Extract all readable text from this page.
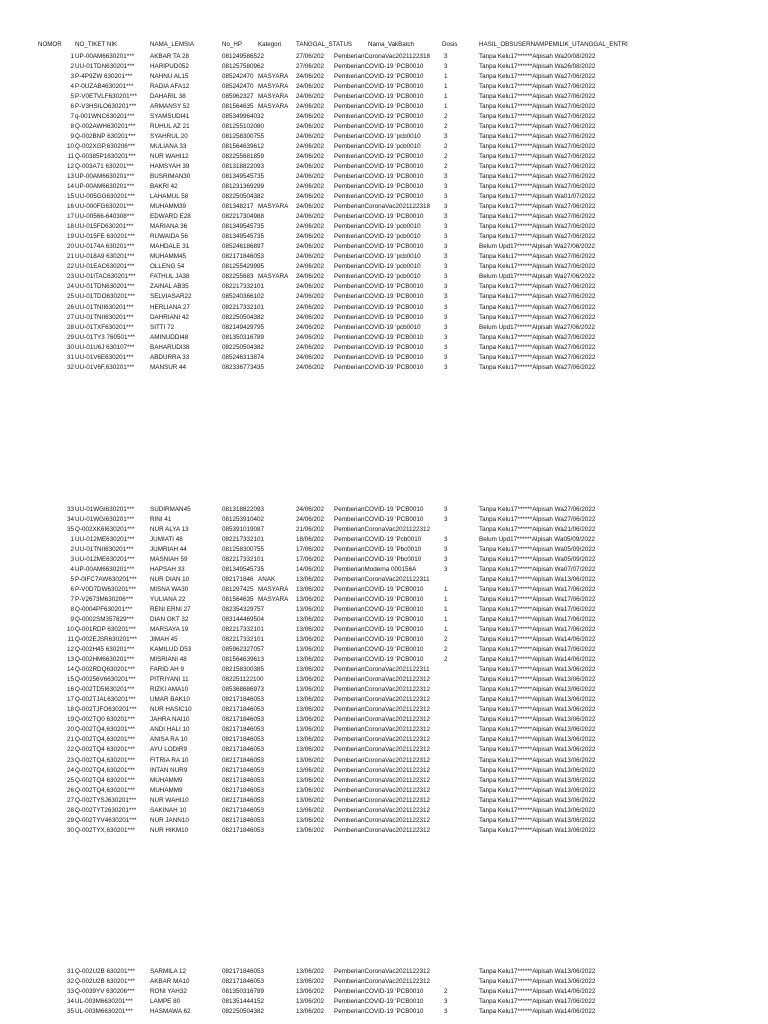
NOMOR	NO_TIKET NIK	NAMA_LEMSIA	No_HP	Kategori	TANGGAL_STATUS	Nama_VakBatch	Dosis	HASIL_OBSUSERNAMPEMILIK_UTANGGAL_ENTRI
1 UP-00AM6630201***	AKBAR TA 28	081249586522	27/06/202	PemberianCoronaVac2021122318	3	Tanpa Kelu17******Alpisah Wa20/08/2022
2 UU-01TDN630201***	HARIPUD052	081257580962	27/06/202	PemberianCOVID-19 'PCB0010	3	Tanpa Kelu17******Alpisah Wa26/08/2022
3 P-4P9ZW 630201***	NAHNU AL15	085242470 MASYARA	24/06/202	PemberianCOVID-19 'PCB0010	1	Tanpa Kelu17******Alpisah Wa27/06/2022
4 P-0UZAB4630201***	RADIA AFA12	085242470 MASYARA	24/06/202	PemberianCOVID-19 'PCB0010	1	Tanpa Kelu17******Alpisah Wa27/06/2022
5 P-V0ETVLF630201***	DAHARIL 38	085962327 MASYARA	24/06/202	PemberianCOVID-19 'PCB0010	1	Tanpa Kelu17******Alpisah Wa27/06/2022
6 P-V3HSILO630201***	ARMANSY 52	081564635 MASYARA	24/06/202	PemberianCOVID-19 'PCB0010	1	Tanpa Kelu17******Alpisah Wa27/06/2022
7 q-001WNC630201***	SYAMSUDI41	085349964032	24/06/202	PemberianCOVID-19 'PCB0010	2	Tanpa Kelu17******Alpisah Wa27/06/2022
8 Q-002AWH630201***	RUHUL AZ 21	081255102080	24/06/202	PemberianCOVID-19 'PCB0010	2	Tanpa Kelu17******Alpisah Wa27/06/2022
9 Q-002BNP 630201***	SYAHRUL 20	081258300755	24/06/202	PemberianCOVID-19 'pcb0010	3	Tanpa Kelu17******Alpisah Wa27/06/2022
10 Q-002XGP,630206***	MULIANA 33	081564639612	24/06/202	PemberianCOVID-19 'pcb0010	2	Tanpa Kelu17******Alpisah Wa27/06/2022
11 Q-00385P1630201***	NUR WAHI12	082255681859	24/06/202	PemberianCOVID-19 'PCB0010	2	Tanpa Kelu17******Alpisah Wa27/06/2022
12 Q-003A71 630201***	HAMSYAH 39	081318822093	24/06/202	PemberianCOVID-19 'PCB0010	2	Tanpa Kelu17******Alpisah Wa27/06/2022
13 UP-00AM6630201***	BUSRIMAN30	081349545735	24/06/202	PemberianCOVID-19 'PCB0010	3	Tanpa Kelu17******Alpisah Wa27/06/2022
14 UP-00AM6630201***	BAKRI 42	081231369299	24/06/202	PemberianCOVID-19 'PCB0010	3	Tanpa Kelu17******Alpisah Wa27/06/2022
15 UU-005GG630201***	LAHAMUL 58	082250504382	24/06/202	PemberianCOVID-19 'PCB0010	3	Tanpa Kelu17******Alpisah Wa01/07/2022
16 UU-000FG630201***	MUHAMM39	081348217 MASYARA	24/06/202	PemberianCoronaVac2021122318	3	Tanpa Kelu17******Alpisah Wa27/06/2022
17 UU-00566-640308***	EDWARD E28	082217304988	24/06/202	PemberianCOVID-19 'PCB0010	3	Tanpa Kelu17******Alpisah Wa27/06/2022
18 UU-015FD630201***	MARIANA 36	081349545735	24/06/202	PemberianCOVID-19 'pcb0010	3	Tanpa Kelu17******Alpisah Wa27/06/2022
19 UU-015FE 630201***	RUWAIDA 56	081349545735	24/06/202	PemberianCOVID-19 'pcb0010	3	Tanpa Kelu17******Alpisah Wa27/06/2022
20 UU-0174A 630201***	MAHDALE 31	085246186897	24/06/202	PemberianCOVID-19 'PCB0010	3	Belum Upd17******Alpisah Wa27/06/2022
21 UU-018A9 630201***	MUHAMM45	082171846053	24/06/202	PemberianCOVID-19 'pcb0010	3	Tanpa Kelu17******Alpisah Wa27/06/2022
22 UU-01EAC630201***	OLLENG 54	081255429995	24/06/202	PemberianCOVID-19 'pcb0010	3	Tanpa Kelu17******Alpisah Wa27/06/2022
23 UU-01ITAC630201***	FATHUL JA38	082255683 MASYARA	24/06/202	PemberianCOVID-19 'pcb0010	3	Belum Upd17******Alpisah Wa27/06/2022
24 UU-01TDN630201***	ZAINAL AB35	082217332101	24/06/202	PemberianCOVID-19 'PCB0010	3	Tanpa Kelu17******Alpisah Wa27/06/2022
25 UU-01TDO630201***	SELVIASAR22	085240366102	24/06/202	PemberianCOVID-19 'PCB0010	3	Tanpa Kelu17******Alpisah Wa27/06/2022
26 UU-01TNII630201***	HERLIANA 27	082217332101	24/06/202	PemberianCOVID-19 'PCB0010	3	Tanpa Kelu17******Alpisah Wa27/06/2022
27 UU-01TNII630201***	DAHRIANI 42	082250504382	24/06/202	PemberianCOVID-19 'PCB0010	3	Tanpa Kelu17******Alpisah Wa27/06/2022
28 UU-01TXF630201***	SITTI 72	082149429795	24/06/202	PemberianCOVID-19 'pcb0010	3	Belum Upd17******Alpisah Wa27/06/2022
29 UU-01TY3 760501***	AMINUDDI48	081350316789	24/06/202	PemberianCOVID-19 'PCB0010	3	Tanpa Kelu17******Alpisah Wa27/06/2022
30 UU-01U6J 630107***	BAHARUDI38	082250504382	24/06/202	PemberianCOVID-19 'PCB0010	3	Tanpa Kelu17******Alpisah Wa27/06/2022
31 UU-01V6E630201***	ABDURRA 33	085246313874	24/06/202	PemberianCOVID-19 'PCB0010	3	Tanpa Kelu17******Alpisah Wa27/06/2022
32 UU-01V6F,630201***	MANSUR 44	082336773435	24/06/202	PemberianCOVID-19 'PCB0010	3	Tanpa Kelu17******Alpisah Wa27/06/2022
33 UU-01WGI630201***	SUDIRMAN45	081318822093	24/06/202	PemberianCOVID-19 'PCB0010	3	Tanpa Kelu17******Alpisah Wa27/06/2022
34 UU-01WGI630201***	RINI 41	081253910402	24/06/202	PemberianCOVID-19 'PCB0010	3	Tanpa Kelu17******Alpisah Wa27/06/2022
35 Q-002XK6I630201***	NUR ALYA 13	085391019087	21/06/202	PemberianCoronaVac2021122312	Tanpa Kelu17******Alpisah Wa21/06/2022
1 UU-012ME630201***	JUMIATI 48	082217332101	18/06/202	PemberianCOVID-19 'Pcb0010	3	Belum Upd17******Alpisah Wa05/09/2022
2 UU-01TNII630201***	JUMRIAH 44	081258300755	17/06/202	PemberianCOVID-19 'Pbc0010	3	Tanpa Kelu17******Alpisah Wa05/09/2022
3 UU-012ME630201***	MASNIAH 59	082217332101	17/06/202	PemberianCOVID-19 'Pbc0010	3	Tanpa Kelu17******Alpisah Wa05/09/2022
4 UP-00AM6630201***	HAPSAH 33	081349545735	14/06/202	PemberianModerna 000156A	3	Tanpa Kelu17******Alpisah Wa07/07/2022
5 P-0IFC7AW630201***	NUR DIAN 10	082171846 ANAK	13/06/202	PemberianCoronaVac2021122311	Tanpa Kelu17******Alpisah Wa13/06/2022
6 P-V0D7DW630201***	MISNA WA30	081297425 MASYARA	13/06/202	PemberianCOVID-19 'PCB0010	1	Tanpa Kelu17******Alpisah Wa17/06/2022
7 P-V2673M630206***	YULIANA 22	081564635 MASYARA	13/06/202	PemberianCOVID-19 'PCB0010	1	Tanpa Kelu17******Alpisah Wa17/06/2022
8 Q-0004PF630201***	RENI ERNI 27	082354329757	13/06/202	PemberianCOVID-19 'PCB0010	1	Tanpa Kelu17******Alpisah Wa17/06/2022
9 Q-0002SM357829***	DIAN OKT 32	083144469504	13/06/202	PemberianCOVID-19 'PCB0010	1	Tanpa Kelu17******Alpisah Wa17/06/2022
10 Q-001RDP 630201***	MARSAYA 19	082217332101	13/06/202	PemberianCOVID-19 'PCB0010	1	Tanpa Kelu17******Alpisah Wa17/06/2022
11 Q-002EJSR630201***	JIMAH 45	082217332101	13/06/202	PemberianCOVID-19 'PCB0010	2	Tanpa Kelu17******Alpisah Wa14/06/2022
12 Q-002H45 630201***	KAMILUD D53	085962327057	13/06/202	PemberianCOVID-19 'PCB0010	2	Tanpa Kelu17******Alpisah Wa17/06/2022
13 Q-002HM6630201***	MISRIANI 48	081564639613	13/06/202	PemberianCOVID-19 'PCB0010	2	Tanpa Kelu17******Alpisah Wa14/06/2022
14 Q-002RDQ630201***	FARID AH 9	082158300385	13/06/202	PemberianCoronaVac2021122311	Tanpa Kelu17******Alpisah Wa13/06/2022
15 Q-00256V6630201***	PITRIYANI 11	082251122100	13/06/202	PemberianCoronaVac2021122312	Tanpa Kelu17******Alpisah Wa13/06/2022
16 Q-002TD5I630201***	RIZKI AMA10	085368686973	13/06/202	PemberianCoronaVac2021122312	Tanpa Kelu17******Alpisah Wa13/06/2022
17 Q-002TJAL630201***	UMAR BAK10	082171846053	13/06/202	PemberianCoronaVac2021122312	Tanpa Kelu17******Alpisah Wa13/06/2022
18 Q-002TJFO630201***	NUR HASIC10	082171846053	13/06/202	PemberianCoronaVac2021122312	Tanpa Kelu17******Alpisah Wa13/06/2022
19 Q-002TQ0 630201***	JAHRA NAI10	082171846053	13/06/202	PemberianCoronaVac2021122312	Tanpa Kelu17******Alpisah Wa13/06/2022
20 Q-002TQ4,630201***	ANDI HALI 10	082171846053	13/06/202	PemberianCoronaVac2021122312	Tanpa Kelu17******Alpisah Wa13/06/2022
21 Q-002TQ4,630201***	ANISA RA 10	082171846053	13/06/202	PemberianCoronaVac2021122312	Tanpa Kelu17******Alpisah Wa13/06/2022
22 Q-002TQ4 630201***	AYU LODIR9	082171846053	13/06/202	PemberianCoronaVac2021122312	Tanpa Kelu17******Alpisah Wa13/06/2022
23 Q-002TQ4,630201***	FITRIA RA 10	082171846053	13/06/202	PemberianCoronaVac2021122312	Tanpa Kelu17******Alpisah Wa13/06/2022
24 Q-002TQ4,630201***	INTAN NUR9	082171846053	13/06/202	PemberianCoronaVac2021122312	Tanpa Kelu17******Alpisah Wa13/06/2022
25 Q-002TQ4 630201***	MUHAMM9	082171846053	13/06/202	PemberianCoronaVac2021122312	Tanpa Kelu17******Alpisah Wa13/06/2022
26 Q-002TQ4,630201***	MUHAMM9	082171846053	13/06/202	PemberianCoronaVac2021122312	Tanpa Kelu17******Alpisah Wa13/06/2022
27 Q-002TYSJ630201***	NUR WAHI10	082171846053	13/06/202	PemberianCoronaVac2021122312	Tanpa Kelu17******Alpisah Wa13/06/2022
28 Q-002TYT2630201***	SAKINAH 10	082171846053	13/06/202	PemberianCoronaVac2021122312	Tanpa Kelu17******Alpisah Wa13/06/2022
29 Q-002TYV4630201***	NUR JANN10	082171846053	13/06/202	PemberianCoronaVac2021122312	Tanpa Kelu17******Alpisah Wa13/06/2022
30 Q-002TYX,630201***	NUR HIKM10	082171846053	13/06/202	PemberianCoronaVac2021122312	Tanpa Kelu17******Alpisah Wa13/06/2022
31 Q-002U2B 630201***	SARMILA 12	082171846053	13/06/202	PemberianCoronaVac2021122312	Tanpa Kelu17******Alpisah Wa13/06/2022
32 Q-002U2B 630201***	AKBAR MA10	082171846053	13/06/202	PemberianCoronaVac2021122312	Tanpa Kelu17******Alpisah Wa13/06/2022
33 Q-0039YV 630206***	RONI YAH32	081350316789	13/06/202	PemberianCOVID-19 'PCB0010	2	Tanpa Kelu17******Alpisah Wa14/06/2022
34 UL-003M6630201***	LAMPE 80	081351444152	13/06/202	PemberianCOVID-19 'PCB0010	3	Tanpa Kelu17******Alpisah Wa17/06/2022
35 UL-003M6630201***	HASMAWA 62	082250504382	13/06/202	PemberianCOVID-19 'PCB0010	3	Tanpa Kelu17******Alpisah Wa14/06/2022
